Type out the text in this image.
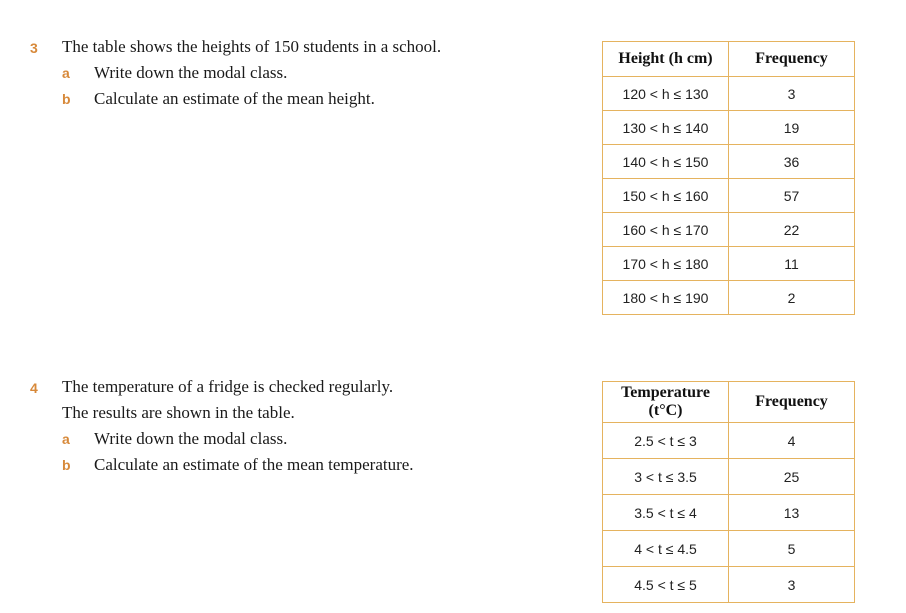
3 The table shows the heights of 150 students in a school.
a Write down the modal class.
b Calculate an estimate of the mean height.
Height (h cm)	Frequency
120 < h ≤ 130	3
130 < h ≤ 140	19
140 < h ≤ 150	36
150 < h ≤ 160	57
160 < h ≤ 170	22
170 < h ≤ 180	11
180 < h ≤ 190	2
4 The temperature of a fridge is checked regularly.
The results are shown in the table.
a Write down the modal class.
b Calculate an estimate of the mean temperature.
Temperature (t°C)	Frequency
2.5 < t ≤ 3	4
3 < t ≤ 3.5	25
3.5 < t ≤ 4	13
4 < t ≤ 4.5	5
4.5 < t ≤ 5	3
